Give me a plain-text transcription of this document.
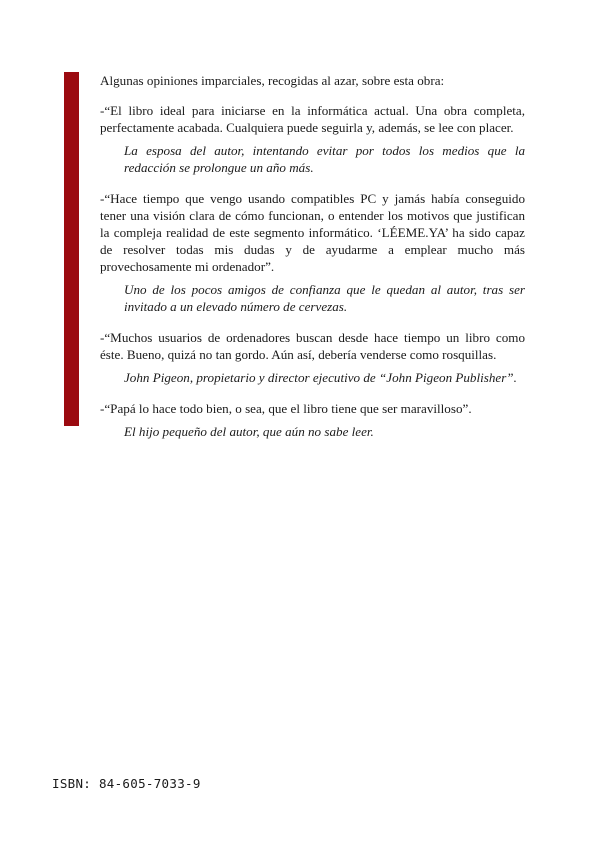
Algunas opiniones imparciales, recogidas al azar, sobre esta obra:

-“El libro ideal para iniciarse en la informática actual. Una obra completa, perfectamente acabada. Cualquiera puede seguirla y, además, se lee con placer.

La esposa del autor, intentando evitar por todos los medios que la redacción se prolongue un año más.

-“Hace tiempo que vengo usando compatibles PC y jamás había conseguido tener una visión clara de cómo funcionan, o entender los motivos que justifican la compleja realidad de este segmento informático. ‘LÉEME.YA’ ha sido capaz de resolver todas mis dudas y de ayudarme a emplear mucho más provechosamente mi ordenador”.

Uno de los pocos amigos de confianza que le quedan al autor, tras ser invitado a un elevado número de cervezas.

-“Muchos usuarios de ordenadores buscan desde hace tiempo un libro como éste. Bueno, quizá no tan gordo. Aún así, debería venderse como rosquillas.

John Pigeon, propietario y director ejecutivo de “John Pigeon Publisher”.

-“Papá lo hace todo bien, o sea, que el libro tiene que ser maravilloso”.

El hijo pequeño del autor, que aún no sabe leer.

ISBN: 84-605-7033-9
